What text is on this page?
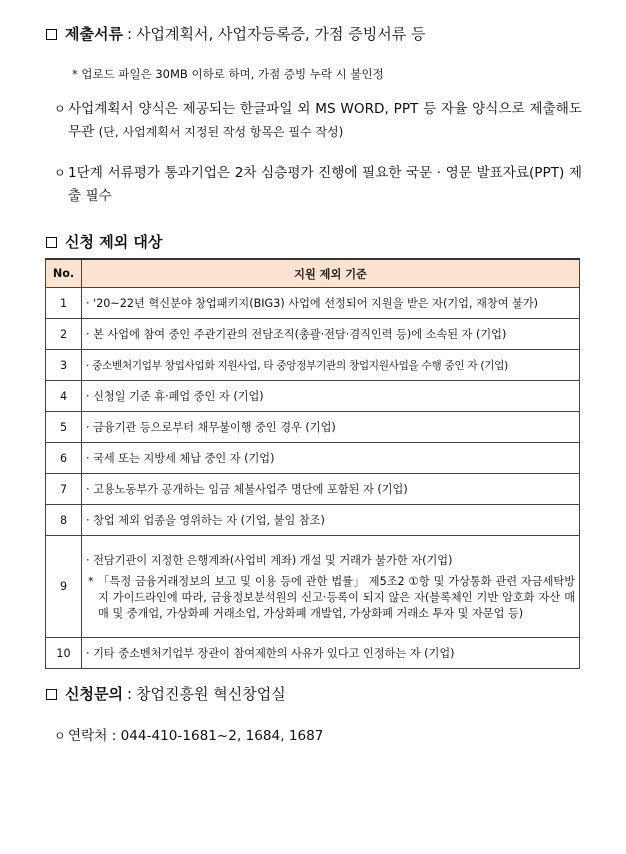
제출서류 : 사업계획서, 사업자등록증, 가점 증빙서류 등
* 업로드 파일은 30MB 이하로 하며, 가점 증빙 누락 시 불인정
ㅇ 사업계획서 양식은 제공되는 한글파일 외 MS WORD, PPT 등 자율 양식으로 제출해도 무관 (단, 사업계획서 지정된 작성 항목은 필수 작성)
ㅇ 1단계 서류평가 통과기업은 2차 심층평가 진행에 필요한 국문 · 영문 발표자료(PPT) 제출 필수
신청 제외 대상
No.	지원 제외 기준
1	· '20~22년 혁신분야 창업패키지(BIG3) 사업에 선정되어 지원을 받은 자(기업, 재창여 불가)
2	· 본 사업에 참여 중인 주관기관의 전담조직(총괄·전담·겸직인력 등)에 소속된 자 (기업)
3	· 중소벤처기업부 창업사업화 지원사업, 타 중앙정부기관의 창업지원사업을 수행 중인 자 (기업)
4	· 신청일 기준 휴·폐업 중인 자 (기업)
5	· 금융기관 등으로부터 채무불이행 중인 경우 (기업)
6	· 국세 또는 지방세 체납 중인 자 (기업)
7	· 고용노동부가 공개하는 임금 체불사업주 명단에 포함된 자 (기업)
8	· 창업 제외 업종을 영위하는 자 (기업, 붙임 참조)
9	· 전담기관이 지정한 은행계좌(사업비 계좌) 개설 및 거래가 불가한 자(기업)
* 「특정 금융거래정보의 보고 및 이용 등에 관한 법률」 제5조2 ①항 및 가상통화 관련 자금세탁방지 가이드라인에 따라, 금융정보분석원의 신고·등록이 되지 않은 자(블록체인 기반 암호화 자산 매매 및 중개업, 가상화폐 거래소업, 가상화폐 개발업, 가상화폐 거래소 투자 및 자문업 등)

10	· 기타 중소벤처기업부 장관이 참여제한의 사유가 있다고 인정하는 자 (기업)
신청문의 : 창업진흥원 혁신창업실
ㅇ 연락처 : 044-410-1681~2, 1684, 1687
